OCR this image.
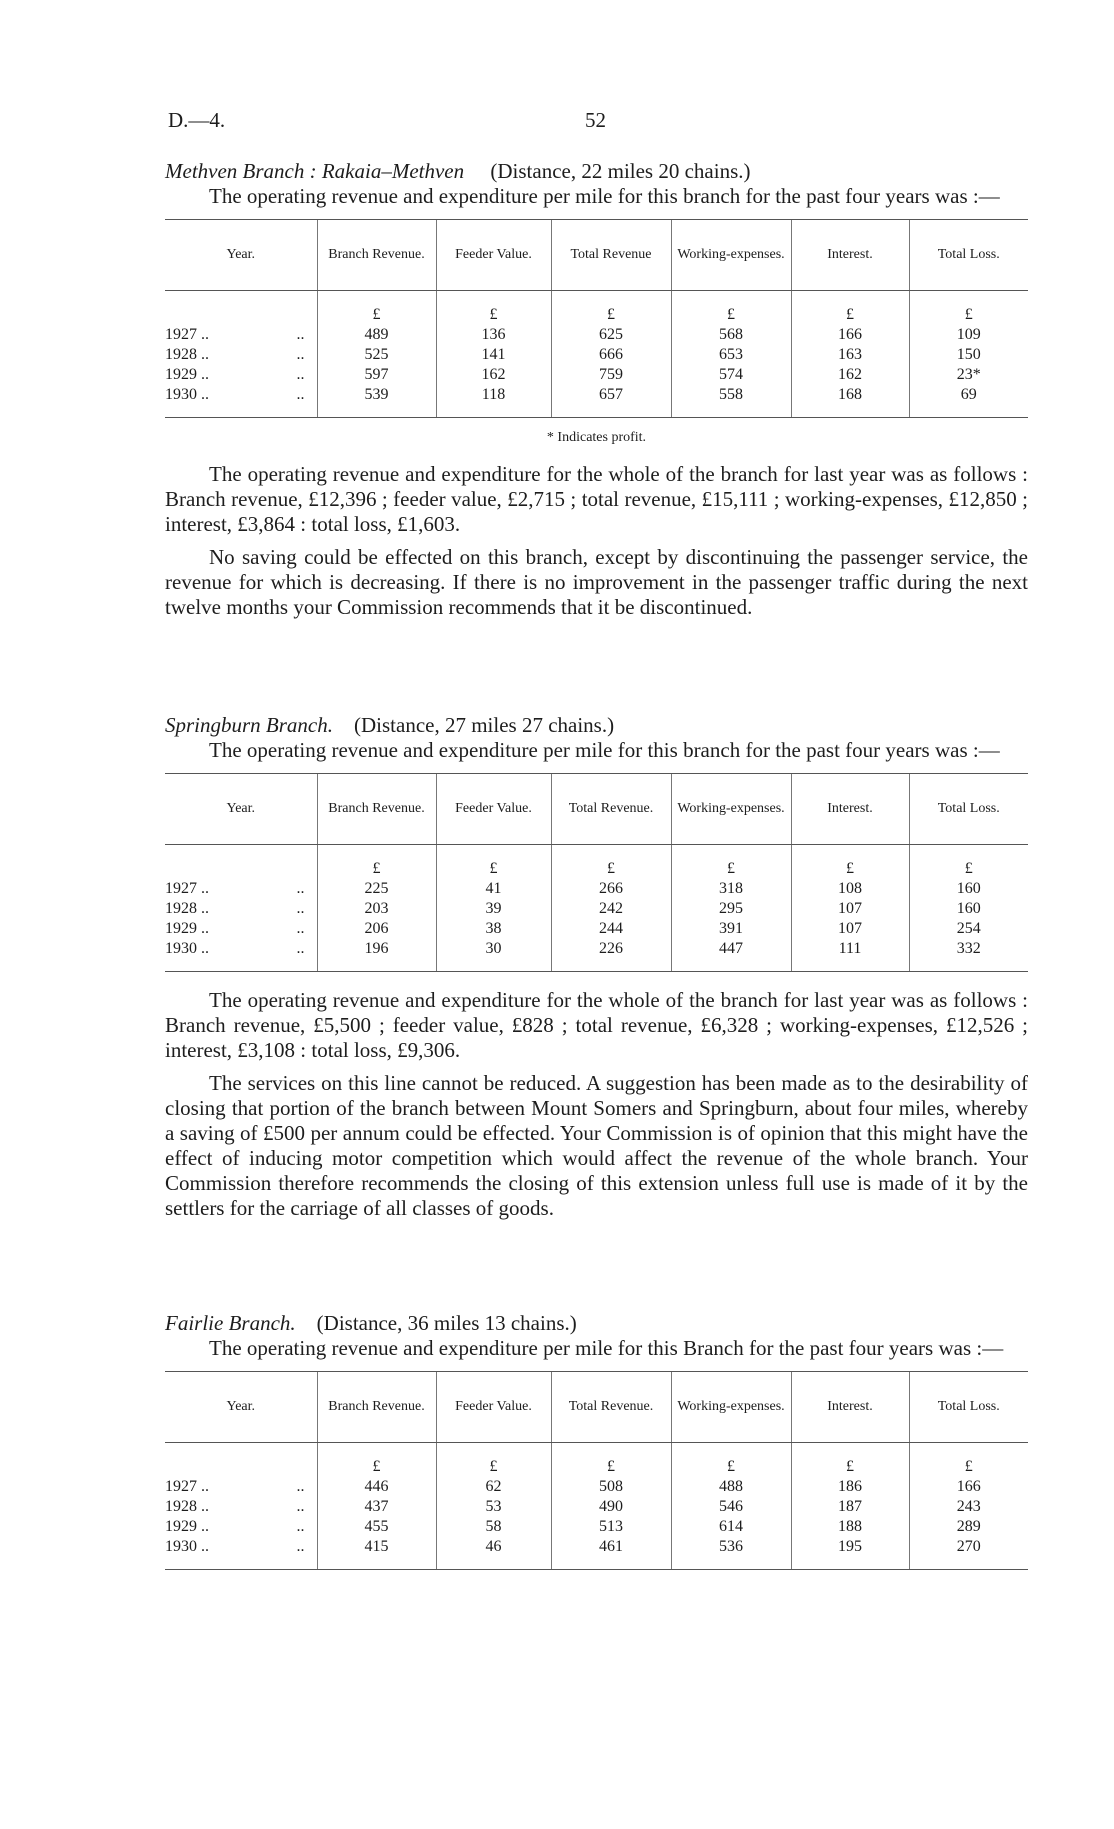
D.—4.	52
Methven Branch : Rakaia–Methven (Distance, 22 miles 20 chains.)

The operating revenue and expenditure per mile for this branch for the past four years was :—

Year.	Branch Revenue.	Feeder Value.	Total Revenue	Working-expenses.	Interest.	Total Loss.
	£	£	£	£	£	£
1927 .. ..	489	136	625	568	166	109
1928 .. ..	525	141	666	653	163	150
1929 .. ..	597	162	759	574	162	23*
1930 .. ..	539	118	657	558	168	69
* Indicates profit.

The operating revenue and expenditure for the whole of the branch for last year was as follows : Branch revenue, £12,396 ; feeder value, £2,715 ; total revenue, £15,111 ; working-expenses, £12,850 ; interest, £3,864 : total loss, £1,603.

No saving could be effected on this branch, except by discontinuing the passenger service, the revenue for which is decreasing. If there is no improvement in the passenger traffic during the next twelve months your Commission recommends that it be discontinued.

Springburn Branch. (Distance, 27 miles 27 chains.)

The operating revenue and expenditure per mile for this branch for the past four years was :—

Year.	Branch Revenue.	Feeder Value.	Total Revenue.	Working-expenses.	Interest.	Total Loss.
	£	£	£	£	£	£
1927 .. ..	225	41	266	318	108	160
1928 .. ..	203	39	242	295	107	160
1929 .. ..	206	38	244	391	107	254
1930 .. ..	196	30	226	447	111	332

The operating revenue and expenditure for the whole of the branch for last year was as follows : Branch revenue, £5,500 ; feeder value, £828 ; total revenue, £6,328 ; working-expenses, £12,526 ; interest, £3,108 : total loss, £9,306.

The services on this line cannot be reduced. A suggestion has been made as to the desirability of closing that portion of the branch between Mount Somers and Springburn, about four miles, whereby a saving of £500 per annum could be effected. Your Commission is of opinion that this might have the effect of inducing motor competition which would affect the revenue of the whole branch. Your Commission therefore recommends the closing of this extension unless full use is made of it by the settlers for the carriage of all classes of goods.

Fairlie Branch. (Distance, 36 miles 13 chains.)

The operating revenue and expenditure per mile for this Branch for the past four years was :—

Year.	Branch Revenue.	Feeder Value.	Total Revenue.	Working-expenses.	Interest.	Total Loss.
	£	£	£	£	£	£
1927 .. ..	446	62	508	488	186	166
1928 .. ..	437	53	490	546	187	243
1929 .. ..	455	58	513	614	188	289
1930 .. ..	415	46	461	536	195	270
